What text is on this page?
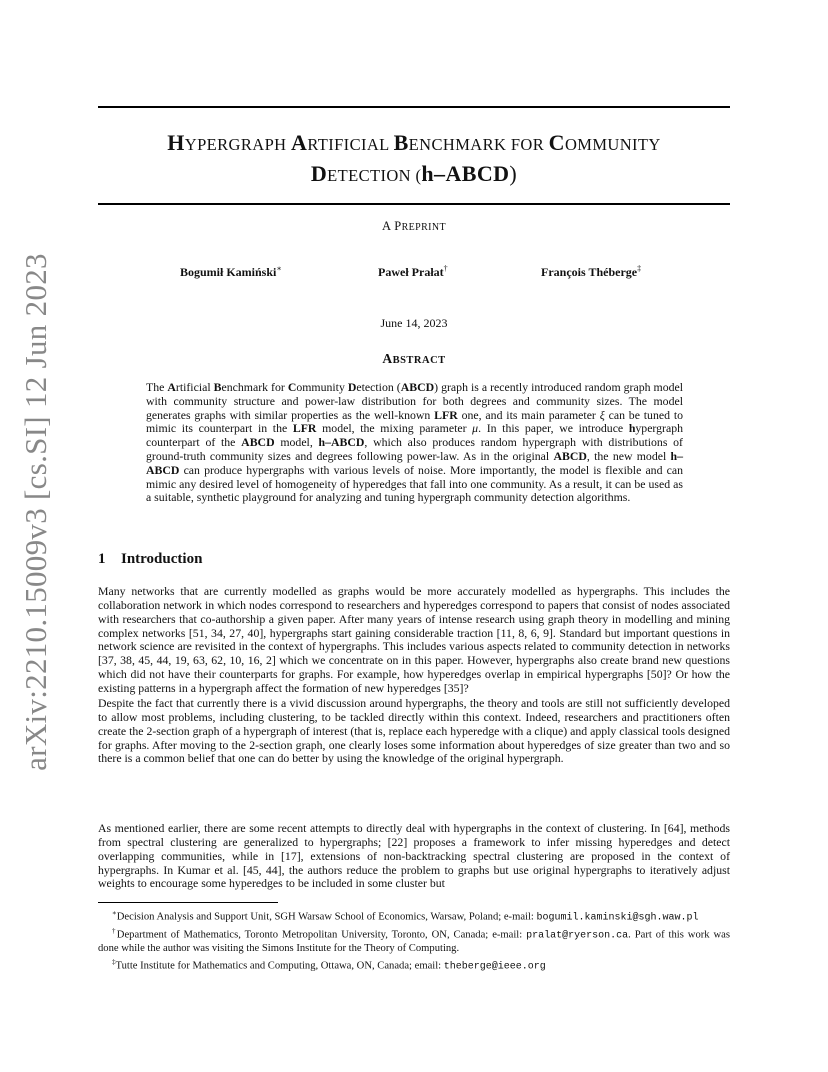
arXiv:2210.15009v3 [cs.SI] 12 Jun 2023
HYPERGRAPH ARTIFICIAL BENCHMARK FOR COMMUNITY
DETECTION (h–ABCD)
A PREPRINT
Bogumił Kamiński∗	Paweł Prałat†	François Théberge‡
June 14, 2023
ABSTRACT
The Artificial Benchmark for Community Detection (ABCD) graph is a recently introduced random graph model with community structure and power-law distribution for both degrees and community sizes. The model generates graphs with similar properties as the well-known LFR one, and its main parameter ξ can be tuned to mimic its counterpart in the LFR model, the mixing parameter μ. In this paper, we introduce hypergraph counterpart of the ABCD model, h–ABCD, which also produces random hypergraph with distributions of ground-truth community sizes and degrees following power-law. As in the original ABCD, the new model h–ABCD can produce hypergraphs with various levels of noise. More importantly, the model is flexible and can mimic any desired level of homogeneity of hyperedges that fall into one community. As a result, it can be used as a suitable, synthetic playground for analyzing and tuning hypergraph community detection algorithms.
1 Introduction
Many networks that are currently modelled as graphs would be more accurately modelled as hypergraphs. This includes the collaboration network in which nodes correspond to researchers and hyperedges correspond to papers that consist of nodes associated with researchers that co-authorship a given paper. After many years of intense research using graph theory in modelling and mining complex networks [51, 34, 27, 40], hypergraphs start gaining considerable traction [11, 8, 6, 9]. Standard but important questions in network science are revisited in the context of hypergraphs. This includes various aspects related to community detection in networks [37, 38, 45, 44, 19, 63, 62, 10, 16, 2] which we concentrate on in this paper. However, hypergraphs also create brand new questions which did not have their counterparts for graphs. For example, how hyperedges overlap in empirical hypergraphs [50]? Or how the existing patterns in a hypergraph affect the formation of new hyperedges [35]?
Despite the fact that currently there is a vivid discussion around hypergraphs, the theory and tools are still not sufficiently developed to allow most problems, including clustering, to be tackled directly within this context. Indeed, researchers and practitioners often create the 2-section graph of a hypergraph of interest (that is, replace each hyperedge with a clique) and apply classical tools designed for graphs. After moving to the 2-section graph, one clearly loses some information about hyperedges of size greater than two and so there is a common belief that one can do better by using the knowledge of the original hypergraph.
As mentioned earlier, there are some recent attempts to directly deal with hypergraphs in the context of clustering. In [64], methods from spectral clustering are generalized to hypergraphs; [22] proposes a framework to infer missing hyperedges and detect overlapping communities, while in [17], extensions of non-backtracking spectral clustering are proposed in the context of hypergraphs. In Kumar et al. [45, 44], the authors reduce the problem to graphs but use original hypergraphs to iteratively adjust weights to encourage some hyperedges to be included in some cluster but

∗Decision Analysis and Support Unit, SGH Warsaw School of Economics, Warsaw, Poland; e-mail: bogumil.kaminski@sgh.waw.pl

†Department of Mathematics, Toronto Metropolitan University, Toronto, ON, Canada; e-mail: pralat@ryerson.ca. Part of this work was done while the author was visiting the Simons Institute for the Theory of Computing.

‡Tutte Institute for Mathematics and Computing, Ottawa, ON, Canada; email: theberge@ieee.org
